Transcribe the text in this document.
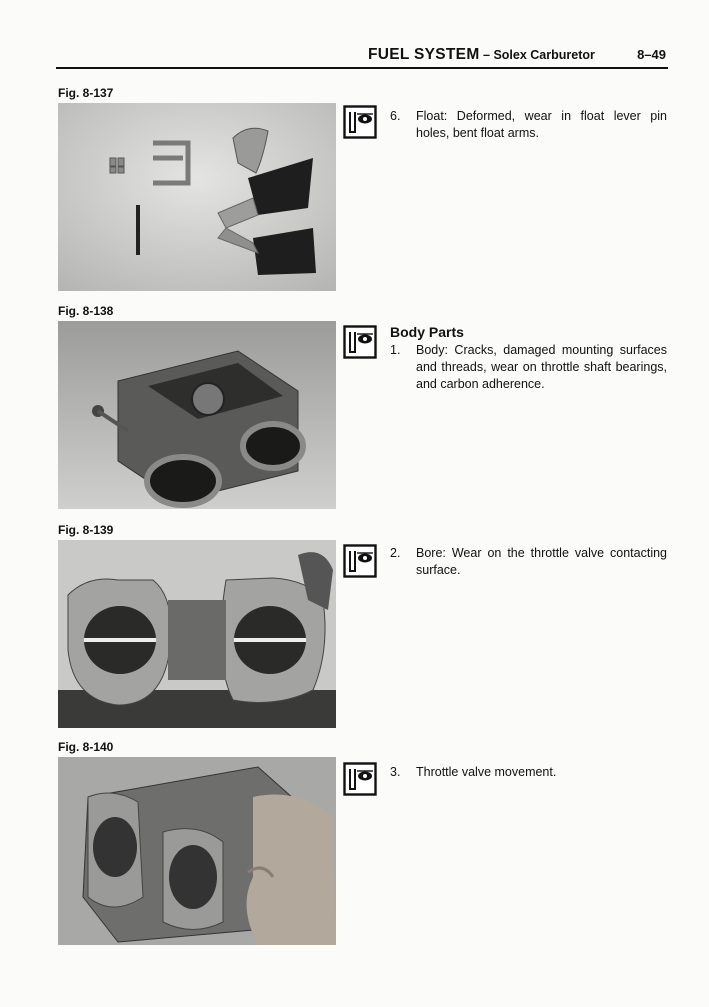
FUEL SYSTEM – Solex Carburetor	8–49
Fig. 8-137
6. Float: Deformed, wear in float lever pin holes, bent float arms.
Fig. 8-138
Body Parts
1. Body: Cracks, damaged mounting surfaces and threads, wear on throttle shaft bearings, and carbon adherence.
Fig. 8-139
2. Bore: Wear on the throttle valve contacting surface.
Fig. 8-140
3. Throttle valve movement.
